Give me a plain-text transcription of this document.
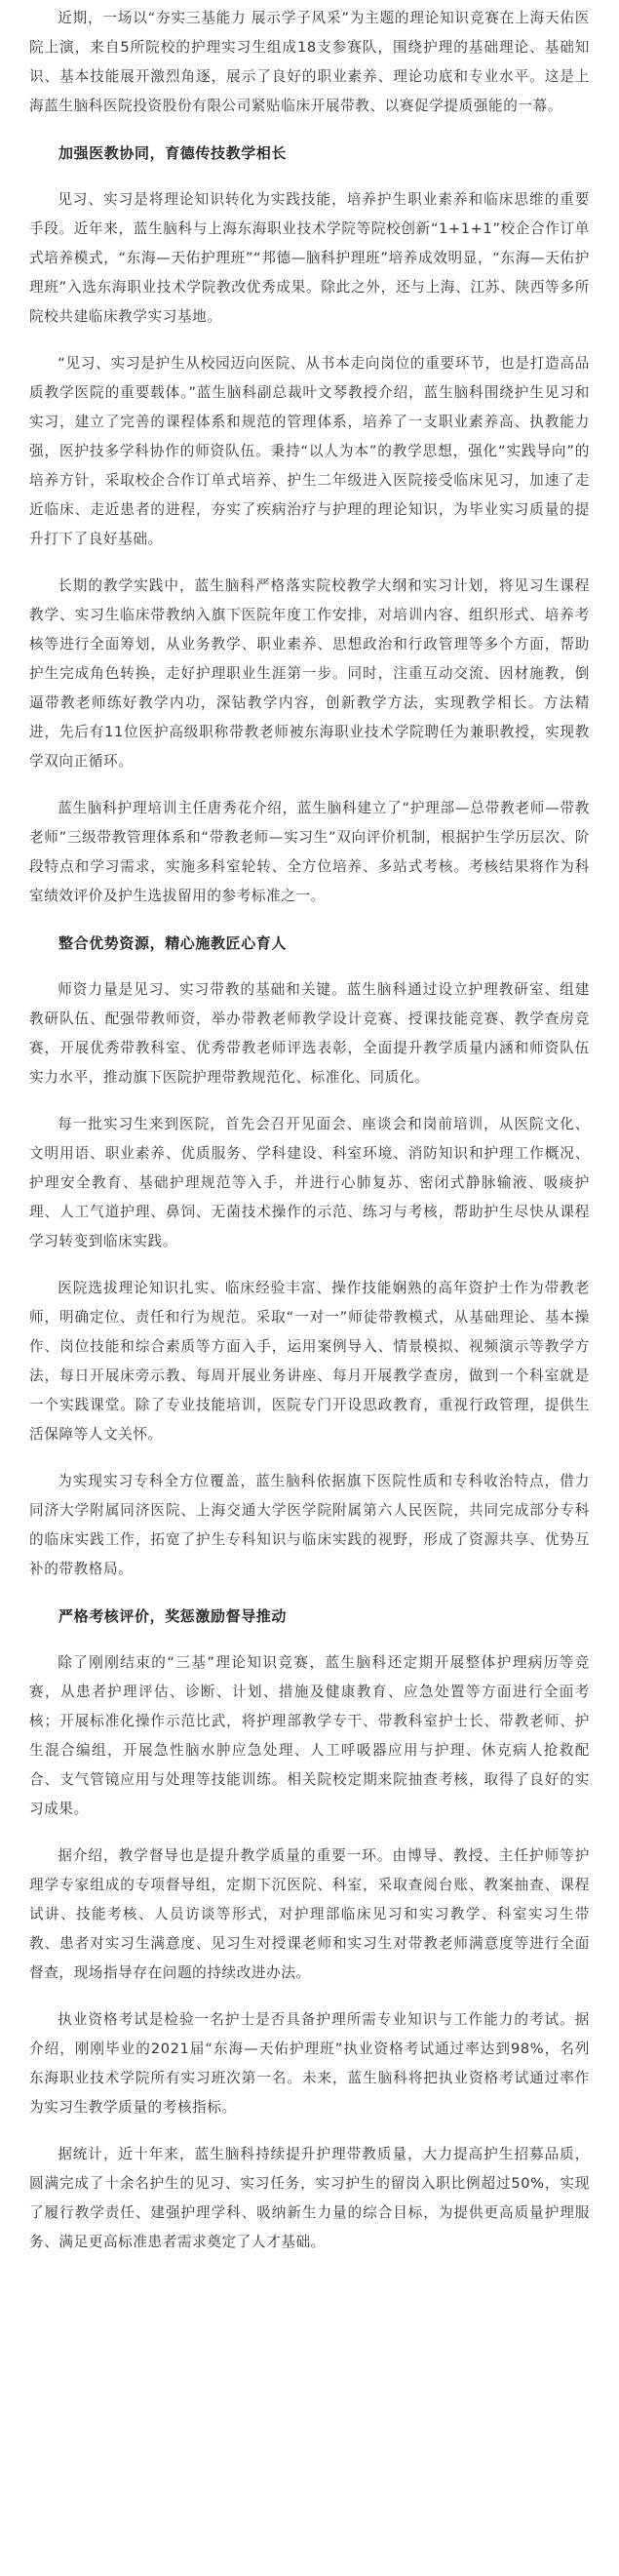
近期，一场以“夯实三基能力 展示学子风采”为主题的理论知识竞赛在上海天佑医院上演，来自5所院校的护理实习生组成18支参赛队，围绕护理的基础理论、基础知识、基本技能展开激烈角逐，展示了良好的职业素养、理论功底和专业水平。这是上海蓝生脑科医院投资股份有限公司紧贴临床开展带教、以赛促学提质强能的一幕。

加强医教协同，育德传技教学相长

见习、实习是将理论知识转化为实践技能，培养护生职业素养和临床思维的重要手段。近年来，蓝生脑科与上海东海职业技术学院等院校创新“1+1+1”校企合作订单式培养模式，“东海—天佑护理班”“邦德—脑科护理班”培养成效明显，“东海—天佑护理班”入选东海职业技术学院教改优秀成果。除此之外，还与上海、江苏、陕西等多所院校共建临床教学实习基地。

“见习、实习是护生从校园迈向医院、从书本走向岗位的重要环节，也是打造高品质教学医院的重要载体。”蓝生脑科副总裁叶文琴教授介绍，蓝生脑科围绕护生见习和实习，建立了完善的课程体系和规范的管理体系，培养了一支职业素养高、执教能力强，医护技多学科协作的师资队伍。秉持“以人为本”的教学思想，强化“实践导向”的培养方针，采取校企合作订单式培养、护生二年级进入医院接受临床见习，加速了走近临床、走近患者的进程，夯实了疾病治疗与护理的理论知识，为毕业实习质量的提升打下了良好基础。

长期的教学实践中，蓝生脑科严格落实院校教学大纲和实习计划，将见习生课程教学、实习生临床带教纳入旗下医院年度工作安排，对培训内容、组织形式、培养考核等进行全面筹划，从业务教学、职业素养、思想政治和行政管理等多个方面，帮助护生完成角色转换，走好护理职业生涯第一步。同时，注重互动交流、因材施教，倒逼带教老师练好教学内功，深钻教学内容，创新教学方法，实现教学相长。方法精进，先后有11位医护高级职称带教老师被东海职业技术学院聘任为兼职教授，实现教学双向正循环。

蓝生脑科护理培训主任唐秀花介绍，蓝生脑科建立了“护理部—总带教老师—带教老师”三级带教管理体系和“带教老师—实习生”双向评价机制，根据护生学历层次、阶段特点和学习需求，实施多科室轮转、全方位培养、多站式考核。考核结果将作为科室绩效评价及护生选拔留用的参考标准之一。

整合优势资源，精心施教匠心育人

师资力量是见习、实习带教的基础和关键。蓝生脑科通过设立护理教研室、组建教研队伍、配强带教师资，举办带教老师教学设计竞赛、授课技能竞赛、教学查房竞赛，开展优秀带教科室、优秀带教老师评选表彰，全面提升教学质量内涵和师资队伍实力水平，推动旗下医院护理带教规范化、标准化、同质化。

每一批实习生来到医院，首先会召开见面会、座谈会和岗前培训，从医院文化、文明用语、职业素养、优质服务、学科建设、科室环境、消防知识和护理工作概况、护理安全教育、基础护理规范等入手，并进行心肺复苏、密闭式静脉输液、吸痰护理、人工气道护理、鼻饲、无菌技术操作的示范、练习与考核，帮助护生尽快从课程学习转变到临床实践。

医院选拔理论知识扎实、临床经验丰富、操作技能娴熟的高年资护士作为带教老师，明确定位、责任和行为规范。采取“一对一”师徒带教模式，从基础理论、基本操作、岗位技能和综合素质等方面入手，运用案例导入、情景模拟、视频演示等教学方法，每日开展床旁示教、每周开展业务讲座、每月开展教学查房，做到一个科室就是一个实践课堂。除了专业技能培训，医院专门开设思政教育，重视行政管理，提供生活保障等人文关怀。

为实现实习专科全方位覆盖，蓝生脑科依据旗下医院性质和专科收治特点，借力同济大学附属同济医院、上海交通大学医学院附属第六人民医院，共同完成部分专科的临床实践工作，拓宽了护生专科知识与临床实践的视野，形成了资源共享、优势互补的带教格局。

严格考核评价，奖惩激励督导推动

除了刚刚结束的“三基”理论知识竞赛，蓝生脑科还定期开展整体护理病历等竞赛，从患者护理评估、诊断、计划、措施及健康教育、应急处置等方面进行全面考核；开展标准化操作示范比武，将护理部教学专干、带教科室护士长、带教老师、护生混合编组，开展急性脑水肿应急处理、人工呼吸器应用与护理、休克病人抢救配合、支气管镜应用与处理等技能训练。相关院校定期来院抽查考核，取得了良好的实习成果。

据介绍，教学督导也是提升教学质量的重要一环。由博导、教授、主任护师等护理学专家组成的专项督导组，定期下沉医院、科室，采取查阅台账、教案抽查、课程试讲、技能考核、人员访谈等形式，对护理部临床见习和实习教学、科室实习生带教、患者对实习生满意度、见习生对授课老师和实习生对带教老师满意度等进行全面督查，现场指导存在问题的持续改进办法。

执业资格考试是检验一名护士是否具备护理所需专业知识与工作能力的考试。据介绍，刚刚毕业的2021届“东海—天佑护理班”执业资格考试通过率达到98%，名列东海职业技术学院所有实习班次第一名。未来，蓝生脑科将把执业资格考试通过率作为实习生教学质量的考核指标。

据统计，近十年来，蓝生脑科持续提升护理带教质量，大力提高护生招募品质，圆满完成了十余名护生的见习、实习任务，实习护生的留岗入职比例超过50%，实现了履行教学责任、建强护理学科、吸纳新生力量的综合目标，为提供更高质量护理服务、满足更高标准患者需求奠定了人才基础。
